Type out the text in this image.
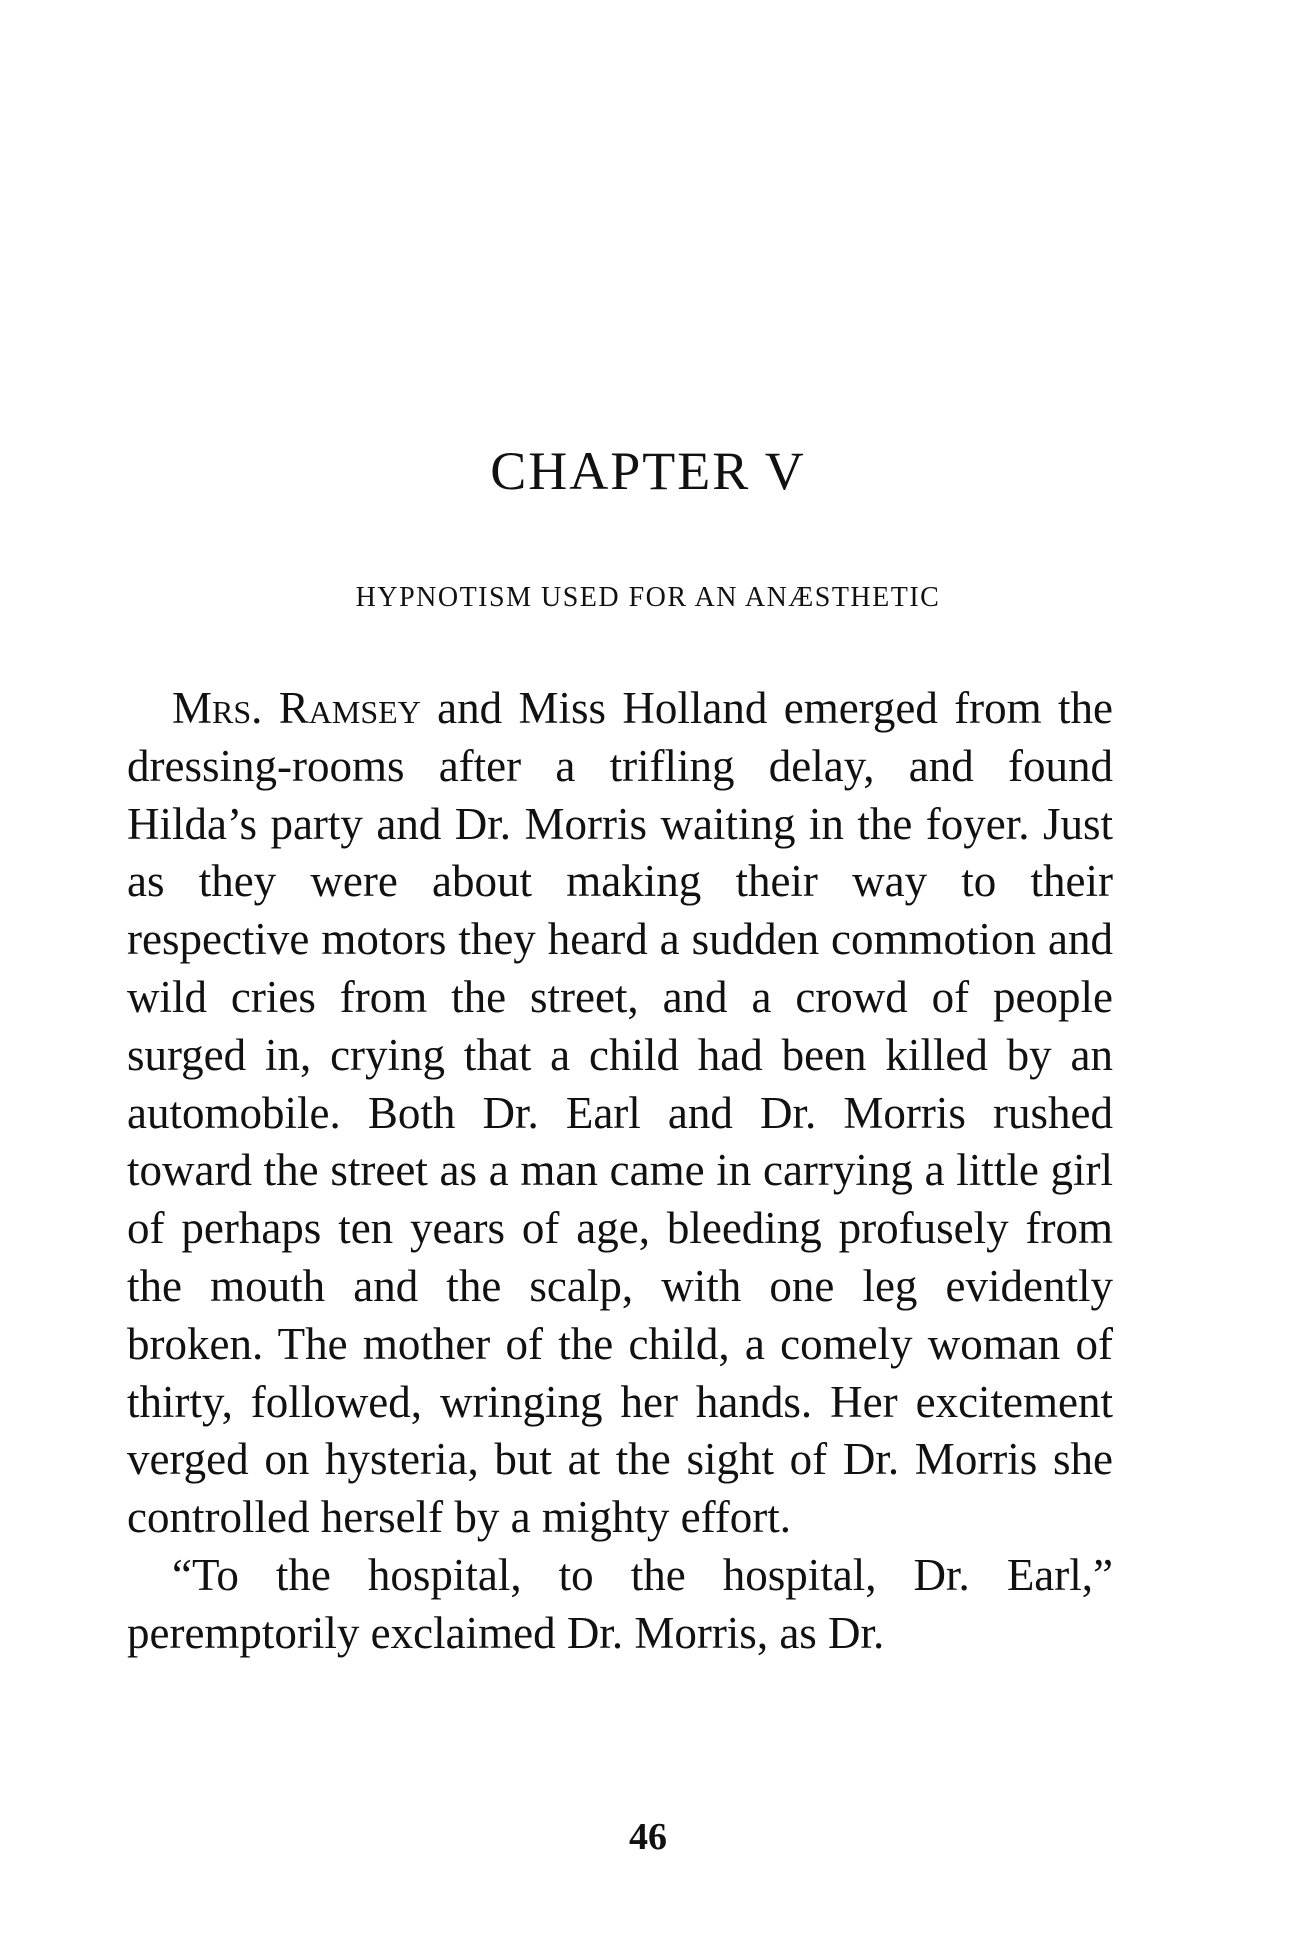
CHAPTER V
HYPNOTISM USED FOR AN ANÆSTHETIC

Mrs. Ramsey and Miss Holland emerged from the dressing-rooms after a trifling delay, and found Hilda’s party and Dr. Morris waiting in the foyer. Just as they were about making their way to their respective motors they heard a sudden commotion and wild cries from the street, and a crowd of people surged in, crying that a child had been killed by an automobile. Both Dr. Earl and Dr. Morris rushed toward the street as a man came in carrying a little girl of perhaps ten years of age, bleeding profusely from the mouth and the scalp, with one leg evidently broken. The mother of the child, a comely woman of thirty, followed, wringing her hands. Her excitement verged on hysteria, but at the sight of Dr. Morris she controlled herself by a mighty effort.

“To the hospital, to the hospital, Dr. Earl,” peremptorily exclaimed Dr. Morris, as Dr.

46
